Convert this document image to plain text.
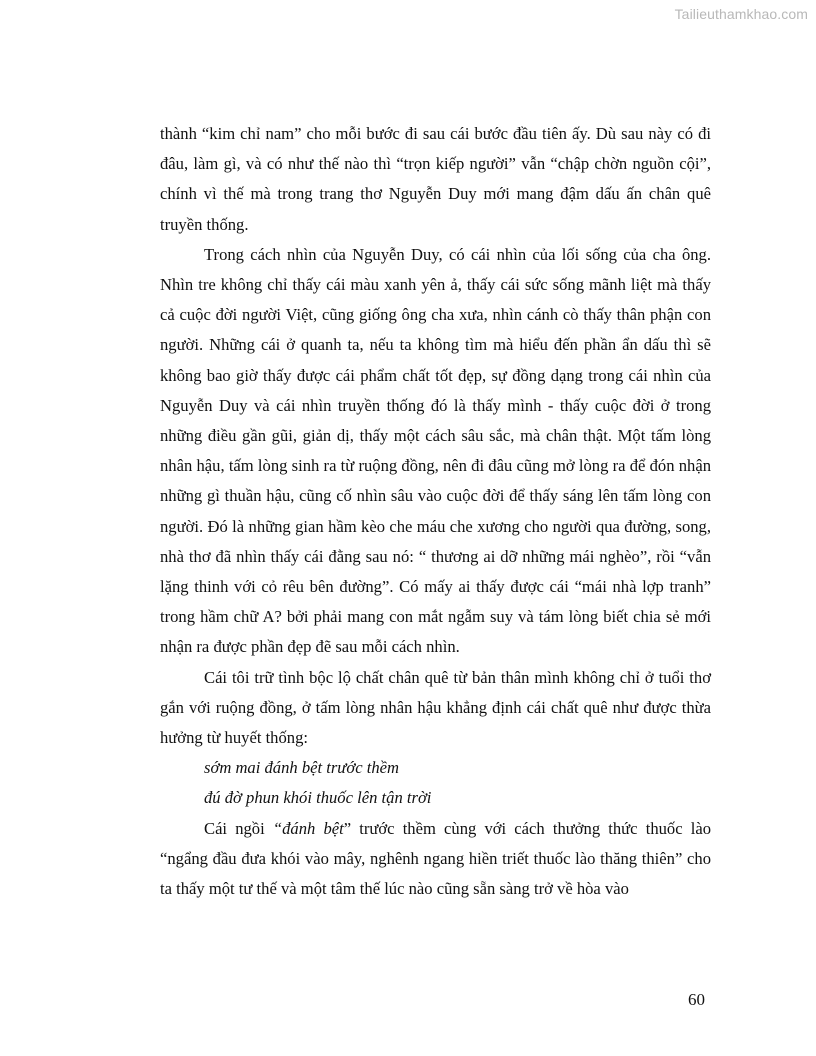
Tailieuthamkhao.com

thành “kim chỉ nam” cho mỗi bước đi sau cái bước đầu tiên ấy. Dù sau này có đi đâu, làm gì, và có như thế nào thì “trọn kiếp người” vẫn “chập chờn nguồn cội”, chính vì thế mà trong trang thơ Nguyễn Duy mới mang đậm dấu ấn chân quê truyền thống.

Trong cách nhìn của Nguyễn Duy, có cái nhìn của lối sống của cha ông. Nhìn tre không chỉ thấy cái màu xanh yên ả, thấy cái sức sống mãnh liệt mà thấy cả cuộc đời người Việt, cũng giống ông cha xưa, nhìn cánh cò thấy thân phận con người. Những cái ở quanh ta, nếu ta không tìm mà hiểu đến phần ẩn dấu thì sẽ không bao giờ thấy được cái phẩm chất tốt đẹp, sự đồng dạng trong cái nhìn của Nguyễn Duy và cái nhìn truyền thống đó là thấy mình - thấy cuộc đời ở trong những điều gần gũi, giản dị, thấy một cách sâu sắc, mà chân thật. Một tấm lòng nhân hậu, tấm lòng sinh ra từ ruộng đồng, nên đi đâu cũng mở lòng ra để đón nhận những gì thuần hậu, cũng cố nhìn sâu vào cuộc đời để thấy sáng lên tấm lòng con người. Đó là những gian hầm kèo che máu che xương cho người qua đường, song, nhà thơ đã nhìn thấy cái đằng sau nó: “ thương ai dỡ những mái nghèo”, rồi “vẫn lặng thinh với cỏ rêu bên đường”. Có mấy ai thấy được cái “mái nhà lợp tranh” trong hầm chữ A? bởi phải mang con mắt ngẫm suy và tám lòng biết chia sẻ mới nhận ra được phần đẹp đẽ sau mỗi cách nhìn.

Cái tôi trữ tình bộc lộ chất chân quê từ bản thân mình không chỉ ở tuổi thơ gắn với ruộng đồng, ở tấm lòng nhân hậu khẳng định cái chất quê như được thừa hưởng từ huyết thống:

sớm mai đánh bệt trước thềm

đú đờ phun khói thuốc lên tận trời

Cái ngồi “đánh bệt” trước thềm cùng với cách thưởng thức thuốc lào “ngẩng đầu đưa khói vào mây, nghênh ngang hiền triết thuốc lào thăng thiên” cho ta thấy một tư thế và một tâm thế lúc nào cũng sẵn sàng trở về hòa vào

60
